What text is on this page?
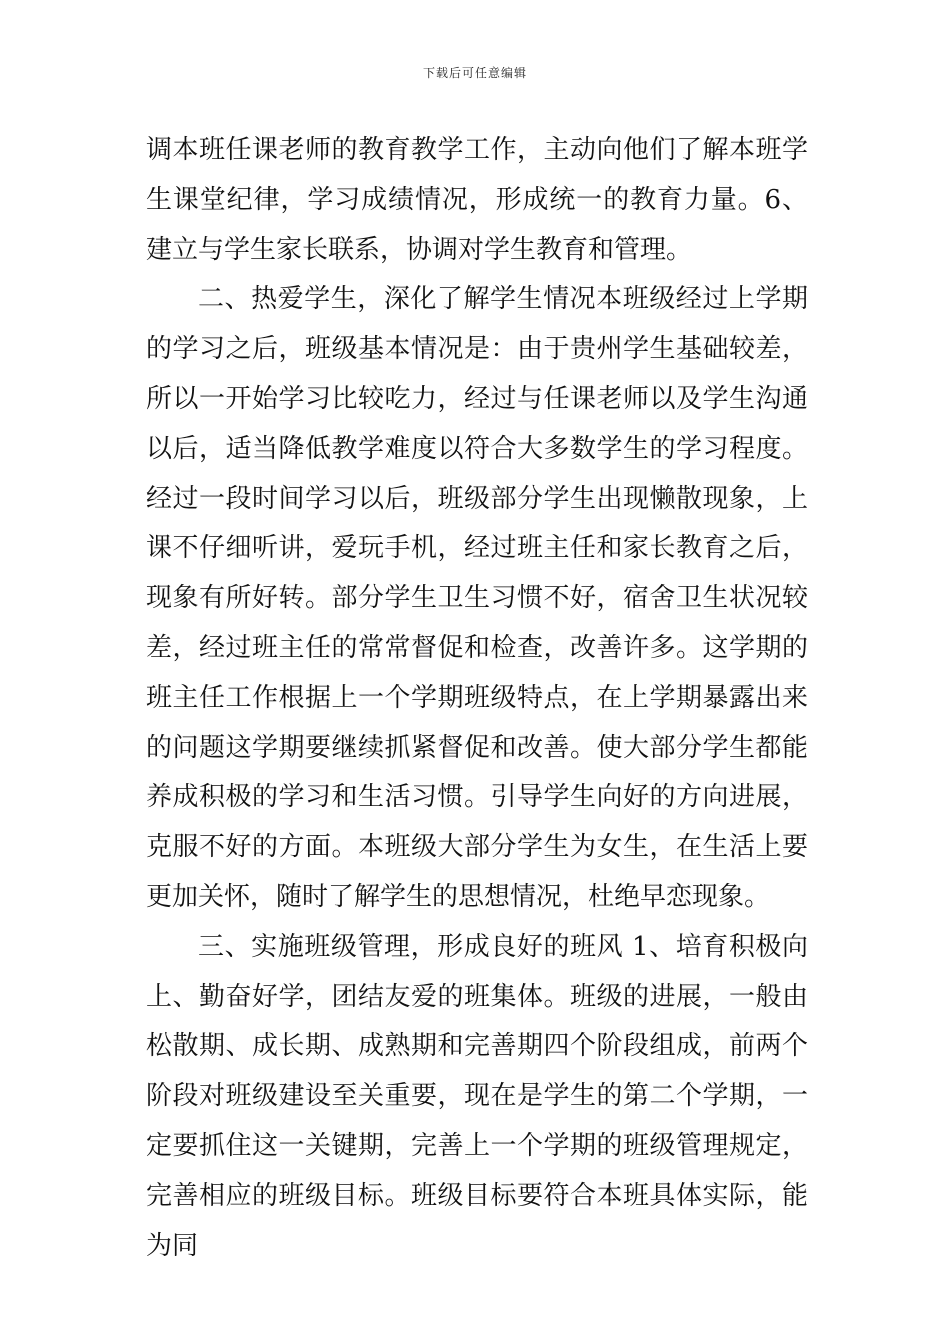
下载后可任意编辑

调本班任课老师的教育教学工作，主动向他们了解本班学生课堂纪律，学习成绩情况，形成统一的教育力量。6、建立与学生家长联系，协调对学生教育和管理。

二、热爱学生，深化了解学生情况本班级经过上学期的学习之后，班级基本情况是：由于贵州学生基础较差，所以一开始学习比较吃力，经过与任课老师以及学生沟通以后，适当降低教学难度以符合大多数学生的学习程度。经过一段时间学习以后，班级部分学生出现懒散现象，上课不仔细听讲，爱玩手机，经过班主任和家长教育之后，现象有所好转。部分学生卫生习惯不好，宿舍卫生状况较差，经过班主任的常常督促和检查，改善许多。这学期的班主任工作根据上一个学期班级特点，在上学期暴露出来的问题这学期要继续抓紧督促和改善。使大部分学生都能养成积极的学习和生活习惯。引导学生向好的方向进展，克服不好的方面。本班级大部分学生为女生，在生活上要更加关怀，随时了解学生的思想情况，杜绝早恋现象。

三、实施班级管理，形成良好的班风 1、培育积极向上、勤奋好学，团结友爱的班集体。班级的进展，一般由松散期、成长期、成熟期和完善期四个阶段组成，前两个阶段对班级建设至关重要，现在是学生的第二个学期，一定要抓住这一关键期，完善上一个学期的班级管理规定，完善相应的班级目标。班级目标要符合本班具体实际，能为同
